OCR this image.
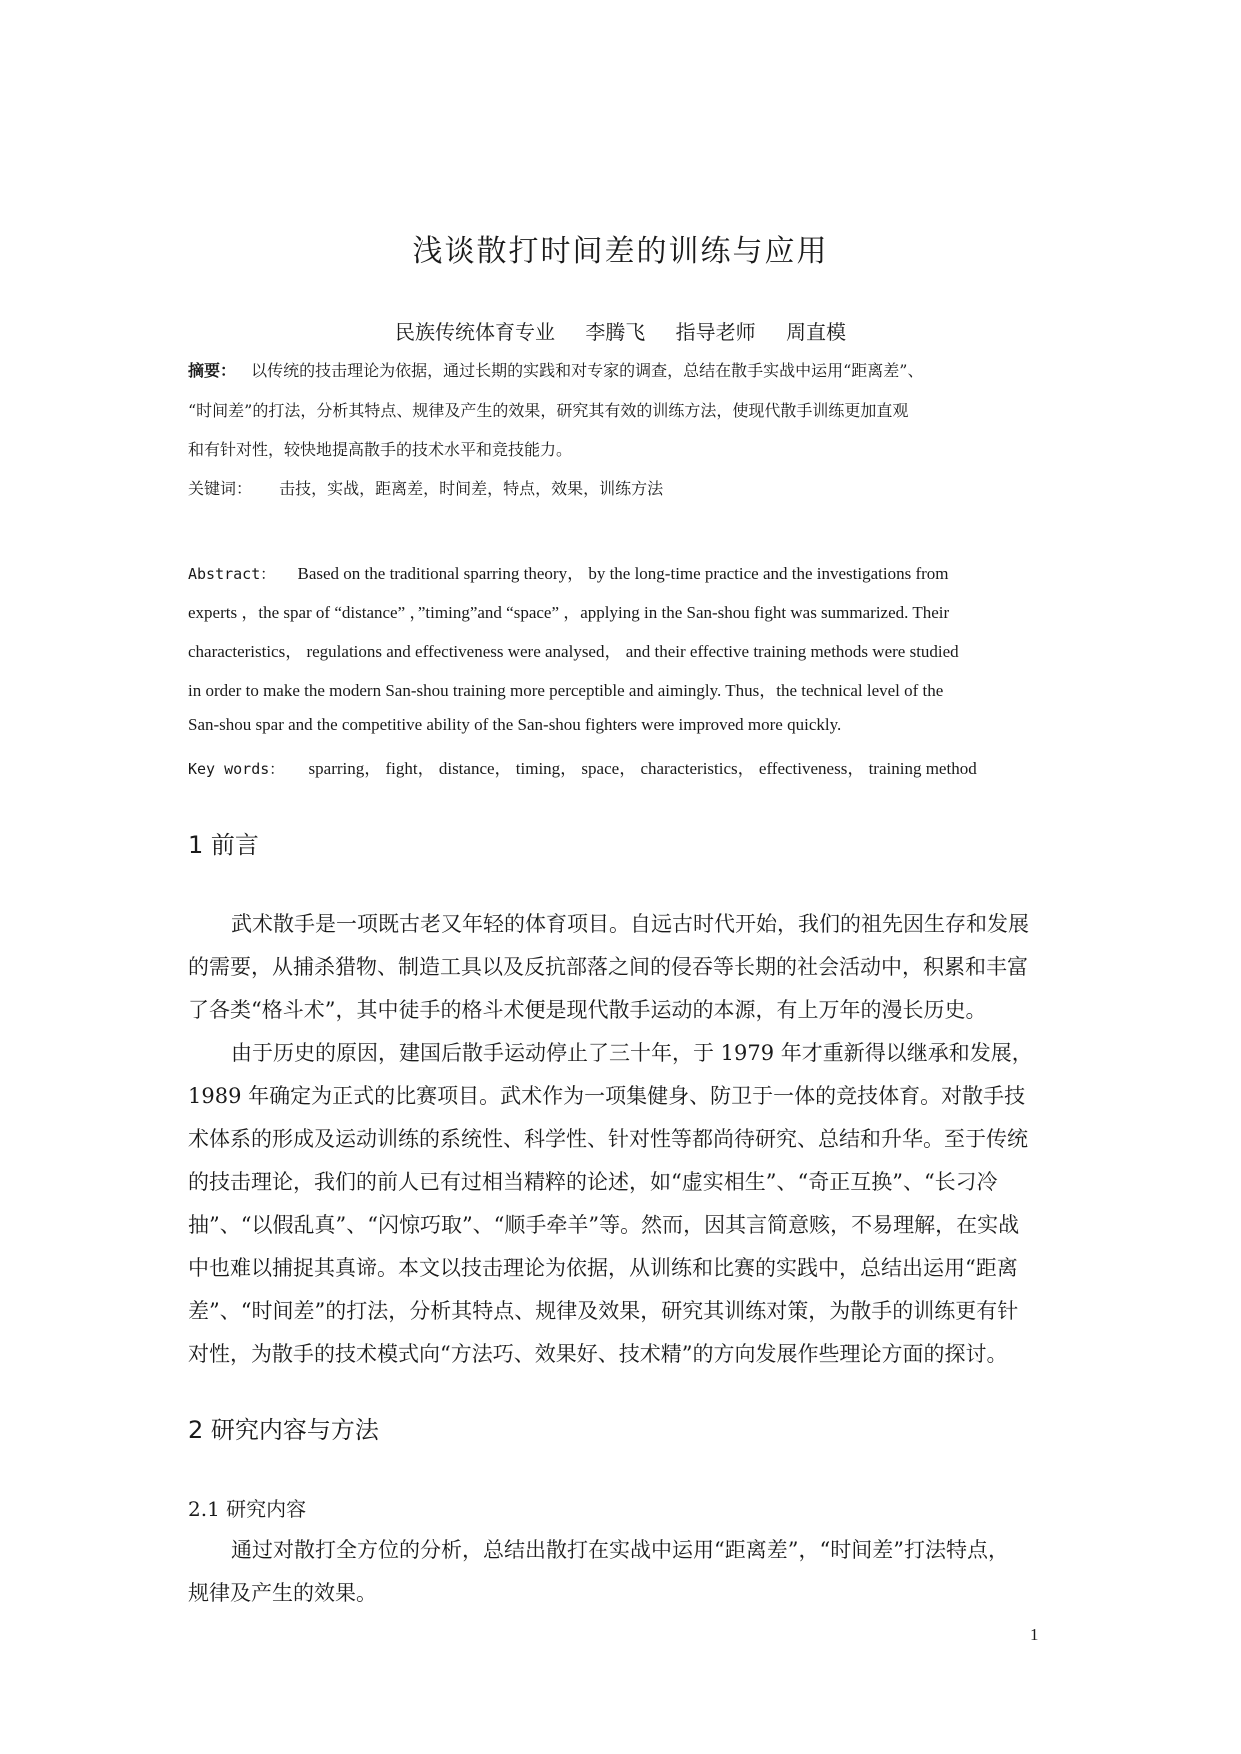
浅谈散打时间差的训练与应用
民族传统体育专业 李腾飞 指导老师 周直模
摘要： 以传统的技击理论为依据，通过长期的实践和对专家的调查，总结在散手实战中运用“距离差”、
“时间差”的打法，分析其特点、规律及产生的效果，研究其有效的训练方法，使现代散手训练更加直观
和有针对性，较快地提高散手的技术水平和竞技能力。
关键词： 击技，实战，距离差，时间差，特点，效果，训练方法
Abstract： Based on the traditional sparring theory， by the long-time practice and the investigations from
experts ，the spar of “distance” ，”timing”and “space” ，applying in the San-shou fight was summarized. Their
characteristics， regulations and effectiveness were analysed， and their effective training methods were studied
in order to make the modern San-shou training more perceptible and aimingly. Thus，the technical level of the
San-shou spar and the competitive ability of the San-shou fighters were improved more quickly.
Key words： sparring， fight， distance， timing， space， characteristics， effectiveness， training method
1 前言
武术散手是一项既古老又年轻的体育项目。自远古时代开始，我们的祖先因生存和发展
的需要，从捕杀猎物、制造工具以及反抗部落之间的侵吞等长期的社会活动中，积累和丰富
了各类“格斗术”，其中徒手的格斗术便是现代散手运动的本源，有上万年的漫长历史。
由于历史的原因，建国后散手运动停止了三十年，于 1979 年才重新得以继承和发展，
1989 年确定为正式的比赛项目。武术作为一项集健身、防卫于一体的竞技体育。对散手技
术体系的形成及运动训练的系统性、科学性、针对性等都尚待研究、总结和升华。至于传统
的技击理论，我们的前人已有过相当精粹的论述，如“虚实相生”、“奇正互换”、“长刁冷
抽”、“以假乱真”、“闪惊巧取”、“顺手牵羊”等。然而，因其言简意赅，不易理解，在实战
中也难以捕捉其真谛。本文以技击理论为依据，从训练和比赛的实践中，总结出运用“距离
差”、“时间差”的打法，分析其特点、规律及效果，研究其训练对策，为散手的训练更有针
对性，为散手的技术模式向“方法巧、效果好、技术精”的方向发展作些理论方面的探讨。
2 研究内容与方法
2.1 研究内容
通过对散打全方位的分析，总结出散打在实战中运用“距离差”，“时间差”打法特点，
规律及产生的效果。
1
